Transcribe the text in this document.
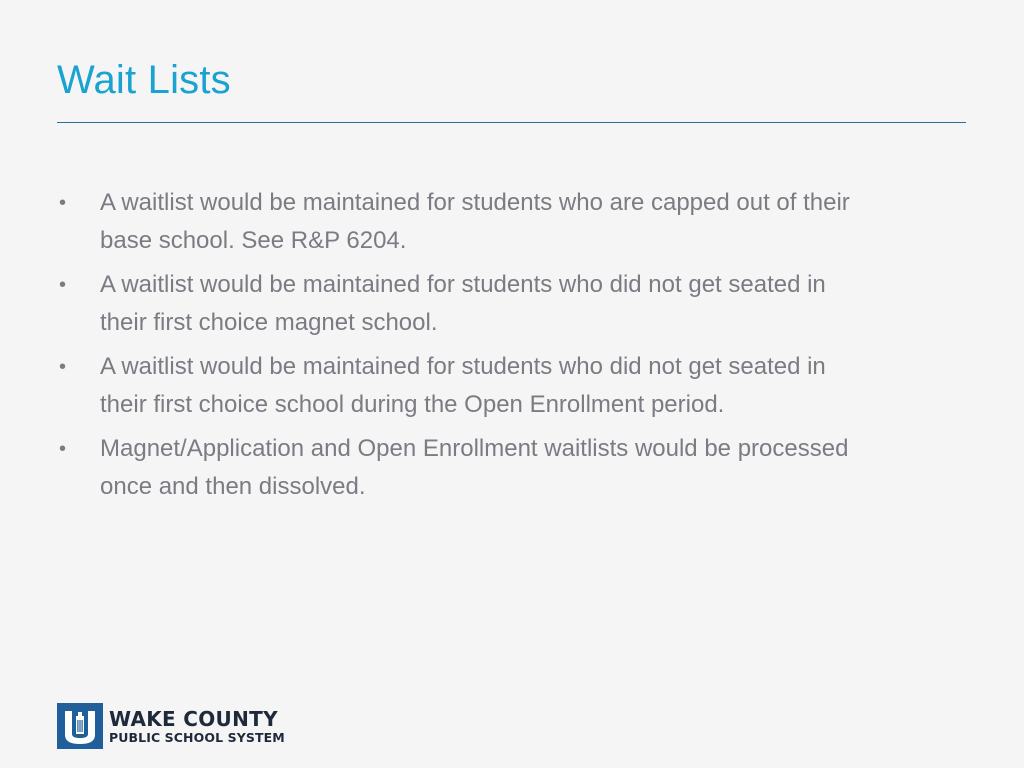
Wait Lists
• A waitlist would be maintained for students who are capped out of their
base school. See R&P 6204.
• A waitlist would be maintained for students who did not get seated in
their first choice magnet school.
• A waitlist would be maintained for students who did not get seated in
their first choice school during the Open Enrollment period.
• Magnet/Application and Open Enrollment waitlists would be processed
once and then dissolved.
WAKE COUNTY
PUBLIC SCHOOL SYSTEM
